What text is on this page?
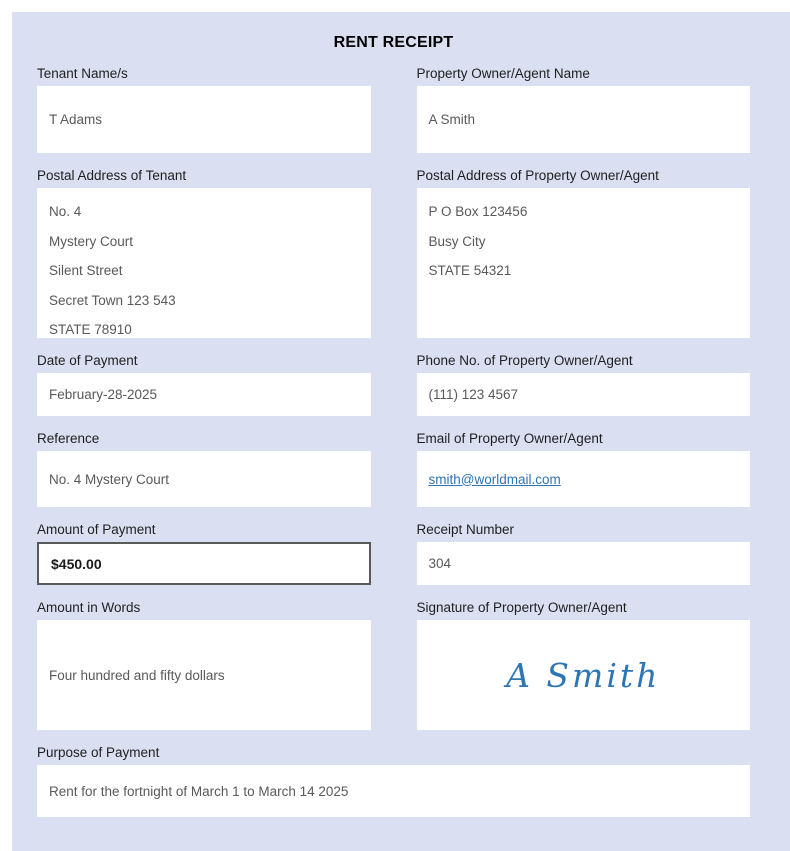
RENT RECEIPT
Tenant Name/s
T Adams
Property Owner/Agent Name
A Smith
Postal Address of Tenant
No. 4
Mystery Court
Silent Street
Secret Town 123 543
STATE 78910
Postal Address of Property Owner/Agent
P O Box 123456
Busy City
STATE 54321
Date of Payment
February-28-2025
Phone No. of Property Owner/Agent
(111) 123 4567
Reference
No. 4 Mystery Court
Email of Property Owner/Agent
smith@worldmail.com
Amount of Payment
$450.00
Receipt Number
304
Amount in Words
Four hundred and fifty dollars
Signature of Property Owner/Agent
A Smith
Purpose of Payment
Rent for the fortnight of March 1 to March 14 2025
